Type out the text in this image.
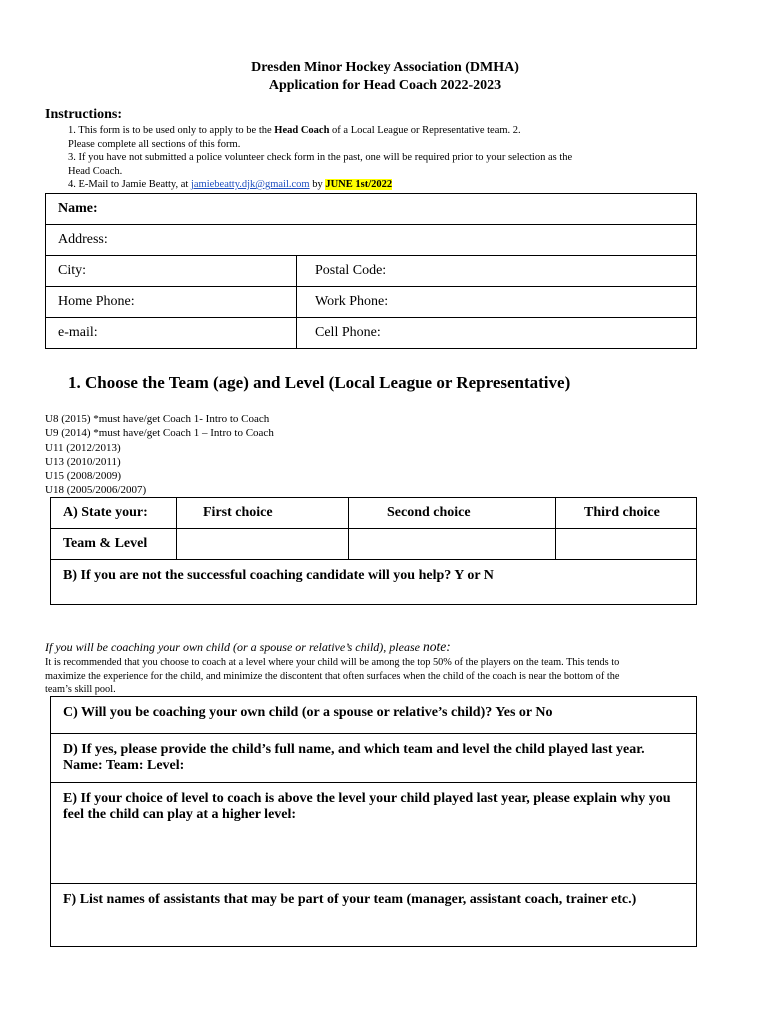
Dresden Minor Hockey Association (DMHA)
Application for Head Coach 2022-2023
Instructions:
1. This form is to be used only to apply to be the Head Coach of a Local League or Representative team. 2.
Please complete all sections of this form.
3. If you have not submitted a police volunteer check form in the past, one will be required prior to your selection as the
Head Coach.
4. E-Mail to Jamie Beatty, at jamiebeatty.djk@gmail.com by JUNE 1st/2022
Name:	
Address:	
City:	Postal Code:
Home Phone:	Work Phone:
e-mail:	Cell Phone:
1. Choose the Team (age) and Level (Local League or Representative)
U8 (2015) *must have/get Coach 1- Intro to Coach
U9 (2014) *must have/get Coach 1 – Intro to Coach
U11 (2012/2013)
U13 (2010/2011)
U15 (2008/2009)
U18 (2005/2006/2007)
A) State your:	First choice	Second choice	Third choice
Team & Level			
B) If you are not the successful coaching candidate will you help? Y or N			
If you will be coaching your own child (or a spouse or relative’s child), please note:
It is recommended that you choose to coach at a level where your child will be among the top 50% of the players on the team. This tends to
maximize the experience for the child, and minimize the discontent that often surfaces when the child of the coach is near the bottom of the
team’s skill pool.
C) Will you be coaching your own child (or a spouse or relative’s child)? Yes or No
D) If yes, please provide the child’s full name, and which team and level the child played last year. Name: Team: Level:
E) If your choice of level to coach is above the level your child played last year, please explain why you feel the child can play at a higher level:
F) List names of assistants that may be part of your team (manager, assistant coach, trainer etc.)
